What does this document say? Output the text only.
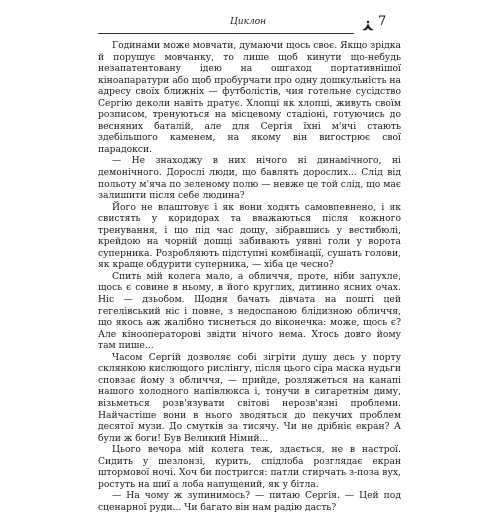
Циклон	7

Годинами може мовчати, думаючи щось своє. Якщо зрідка й порушує мовчанку, то лише щоб кинути що-небудь незапатентовану ідею на ошгаход портативнішої кіноапаратури або щоб пробурчати про одну дошкульність на адресу своїх ближніх — футболістів, чия готельне сусідство Сергію деколи навіть дратує. Хлопці як хлопці, живуть своїм розписом, тренуються на місцевому стадіоні, готуючись до весняних баталій, але для Сергія їхні м'ячі стають здебільшого каменем, на якому він вигострює свої парадокси.

— Не знаходжу в них нічого ні динамічного, ні демонічного. Дорослі люди, що бавлять дорослих... Слід від польоту м'яча по зеленому полю — невже це той слід, що має залишити після себе людина?

Його не влаштовує і як вони ходять самовпевнено, і як свистять у коридорах та вважаються після кожного тренування, і що під час дощу, зібравшись у вестибюлі, крейдою на чорній дошці забивають уявні голи у ворота суперника. Розробляють підступні комбінації, сушать голови, як краще обдурити суперника, — хіба це чесно?

Спить мій колега мало, а обличчя, проте, ніби запухле, щось є совине в ньому, в його круглих, дитинно ясних очах. Ніс — дзьобом. Щодня бачать дівчата на пошті цей гегелівський ніс і повне, з недоспаною блідизною обличчя, що якось аж жалібно тиснеться до віконечка: може, щось є? Але кінооператорові звідти нічого нема. Хтось довго йому там пише...

Часом Сергій дозволяє собі зігріти душу десь у порту склянкою кислющого рислінгу, після цього сіра маска нудьги сповзає йому з обличчя, — прийде, розляжеться на канапі нашого холодного напівлюкса і, тонучи в сигаретнім диму, візьметься розв'язувати світові нерозв'язні проблеми. Найчастіше вони в нього зводяться до пекучих проблем десятої музи. До смутків за тисячу. Чи не дрібніє екран? А були ж боги! Був Великий Німий...

Цього вечора мій колега теж, здається, не в настрої. Сидить у шезлонзі, курить, спідлоба розглядає екран штормової ночі. Хоч би постригся: патли стирчать з-поза вух, ростуть на шиї а лоба напущений, як у бітла.

— На чому ж зупинимось? — питаю Сергія. — Цей под сценарної руди... Чи багато він нам радію дасть?
